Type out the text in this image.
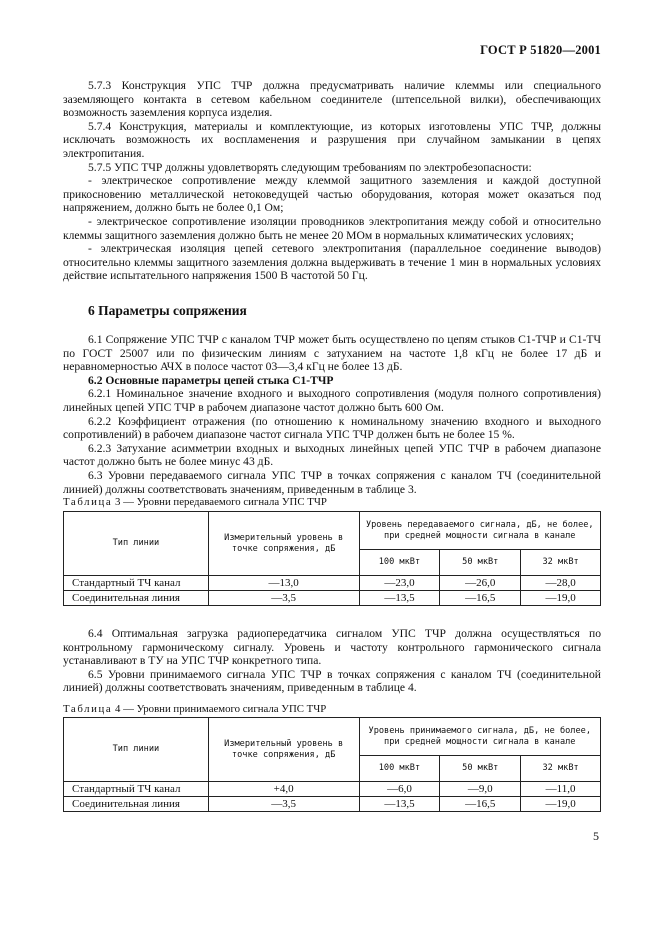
ГОСТ Р 51820—2001

5.7.3 Конструкция УПС ТЧР должна предусматривать наличие клеммы или специального заземляющего контакта в сетевом кабельном соединителе (штепсельной вилки), обеспечивающих возможность заземления корпуса изделия.

5.7.4 Конструкция, материалы и комплектующие, из которых изготовлены УПС ТЧР, должны исключать возможность их воспламенения и разрушения при случайном замыкании в цепях электропитания.

5.7.5 УПС ТЧР должны удовлетворять следующим требованиям по электробезопасности:

- электрическое сопротивление между клеммой защитного заземления и каждой доступной прикосновению металлической нетоковедущей частью оборудования, которая может оказаться под напряжением, должно быть не более 0,1 Ом;

- электрическое сопротивление изоляции проводников электропитания между собой и относительно клеммы защитного заземления должно быть не менее 20 МОм в нормальных климатических условиях;

- электрическая изоляция цепей сетевого электропитания (параллельное соединение выводов) относительно клеммы защитного заземления должна выдерживать в течение 1 мин в нормальных условиях действие испытательного напряжения 1500 В частотой 50 Гц.

6 Параметры сопряжения

6.1 Сопряжение УПС ТЧР с каналом ТЧР может быть осуществлено по цепям стыков С1-ТЧР и С1-ТЧ по ГОСТ 25007 или по физическим линиям с затуханием на частоте 1,8 кГц не более 17 дБ и неравномерностью АЧХ в полосе частот 03—3,4 кГц не более 13 дБ.

6.2 Основные параметры цепей стыка С1-ТЧР

6.2.1 Номинальное значение входного и выходного сопротивления (модуля полного сопротивления) линейных цепей УПС ТЧР в рабочем диапазоне частот должно быть 600 Ом.

6.2.2 Коэффициент отражения (по отношению к номинальному значению входного и выходного сопротивлений) в рабочем диапазоне частот сигнала УПС ТЧР должен быть не более 15 %.

6.2.3 Затухание асимметрии входных и выходных линейных цепей УПС ТЧР в рабочем диапазоне частот должно быть не более минус 43 дБ.

6.3 Уровни передаваемого сигнала УПС ТЧР в точках сопряжения с каналом ТЧ (соединительной линией) должны соответствовать значениям, приведенным в таблице 3.

Таблица 3 — Уровни передаваемого сигнала УПС ТЧР
Тип линии	Измерительный уровень в точке сопряжения, дБ	Уровень передаваемого сигнала, дБ, не более, при средней мощности сигнала в канале		
		100 мкВт	50 мкВт	32 мкВт
Стандартный ТЧ канал	—13,0	—23,0	—26,0	—28,0
Соединительная линия	—3,5	—13,5	—16,5	—19,0

6.4 Оптимальная загрузка радиопередатчика сигналом УПС ТЧР должна осуществляться по контрольному гармоническому сигналу. Уровень и частоту контрольного гармонического сигнала устанавливают в ТУ на УПС ТЧР конкретного типа.

6.5 Уровни принимаемого сигнала УПС ТЧР в точках сопряжения с каналом ТЧ (соединительной линией) должны соответствовать значениям, приведенным в таблице 4.

Таблица 4 — Уровни принимаемого сигнала УПС ТЧР
Тип линии	Измерительный уровень в точке сопряжения, дБ	Уровень принимаемого сигнала, дБ, не более, при средней мощности сигнала в канале		
		100 мкВт	50 мкВт	32 мкВт
Стандартный ТЧ канал	+4,0	—6,0	—9,0	—11,0
Соединительная линия	—3,5	—13,5	—16,5	—19,0
5
